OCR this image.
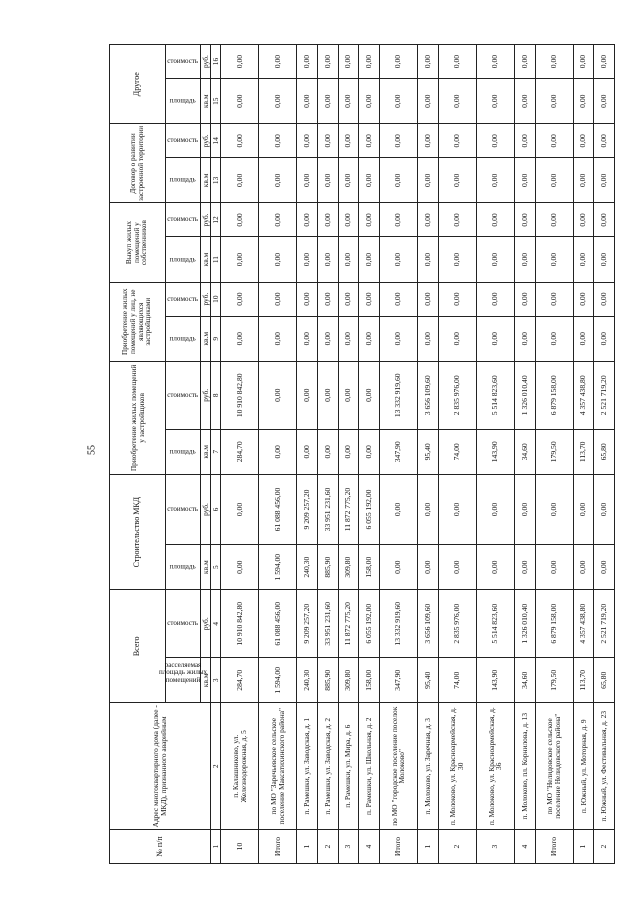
55
№ п/п	Адрес многоквартирного дома (далее - МКД), признанного аварийным	Всего		Строительство МКД		Приобретение жилых помещений у застройщиков		Приобретение жилых помещений у лиц, не являющихся застройщиками		Выкуп жилых помещений у собственников		Договор о развитии застроенной территории		Другое	
		расселяемая площадь жилых помещений	стоимость	площадь	стоимость	площадь	стоимость	площадь	стоимость	площадь	стоимость	площадь	стоимость	площадь	стоимость
		кв.м	руб.	кв.м	руб.	кв.м	руб.	кв.м	руб.	кв.м	руб.	кв.м	руб.	кв.м	руб.
1	2	3	4	5	6	7	8	9	10	11	12	13	14	15	16
10	п. Калашниково, ул. Железнодорожная, д. 5	284,70	10 910 842,80	0,00	0,00	284,70	10 910 842,80	0,00	0,00	0,00	0,00	0,00	0,00	0,00	0,00
Итого	по МО "Заречьевское сельское поселение Максатихинского района"	1 594,00	61 088 456,00	1 594,00	61 088 456,00	0,00	0,00	0,00	0,00	0,00	0,00	0,00	0,00	0,00	0,00
1	п. Рамешки, ул. Заводская, д. 1	240,30	9 209 257,20	240,30	9 209 257,20	0,00	0,00	0,00	0,00	0,00	0,00	0,00	0,00	0,00	0,00
2	п. Рамешки, ул. Заводская, д. 2	885,90	33 951 231,60	885,90	33 951 231,60	0,00	0,00	0,00	0,00	0,00	0,00	0,00	0,00	0,00	0,00
3	п. Рамешки, ул. Мира, д. 6	309,80	11 872 775,20	309,80	11 872 775,20	0,00	0,00	0,00	0,00	0,00	0,00	0,00	0,00	0,00	0,00
4	п. Рамешки, ул. Школьная, д. 2	158,00	6 055 192,00	158,00	6 055 192,00	0,00	0,00	0,00	0,00	0,00	0,00	0,00	0,00	0,00	0,00
Итого	по МО "городское поселение поселок Молоково"	347,90	13 332 919,60	0,00	0,00	347,90	13 332 919,60	0,00	0,00	0,00	0,00	0,00	0,00	0,00	0,00
1	п. Молоково, ул. Заречная, д. 3	95,40	3 656 109,60	0,00	0,00	95,40	3 656 109,60	0,00	0,00	0,00	0,00	0,00	0,00	0,00	0,00
2	п. Молоково, ул. Красноармейская, д. 30	74,00	2 835 976,00	0,00	0,00	74,00	2 835 976,00	0,00	0,00	0,00	0,00	0,00	0,00	0,00	0,00
3	п. Молоково, ул. Красноармейская, д. 36	143,90	5 514 823,60	0,00	0,00	143,90	5 514 823,60	0,00	0,00	0,00	0,00	0,00	0,00	0,00	0,00
4	п. Молоково, пл. Корнилова, д. 13	34,60	1 326 010,40	0,00	0,00	34,60	1 326 010,40	0,00	0,00	0,00	0,00	0,00	0,00	0,00	0,00
Итого	по МО "Нелидовское сельское поселение Нелидовского района"	179,50	6 879 158,00	0,00	0,00	179,50	6 879 158,00	0,00	0,00	0,00	0,00	0,00	0,00	0,00	0,00
1	п. Южный, ул. Моторная, д. 9	113,70	4 357 438,80	0,00	0,00	113,70	4 357 438,80	0,00	0,00	0,00	0,00	0,00	0,00	0,00	0,00
2	п. Южный, ул. Фестивальная, д. 23	65,80	2 521 719,20	0,00	0,00	65,80	2 521 719,20	0,00	0,00	0,00	0,00	0,00	0,00	0,00	0,00
